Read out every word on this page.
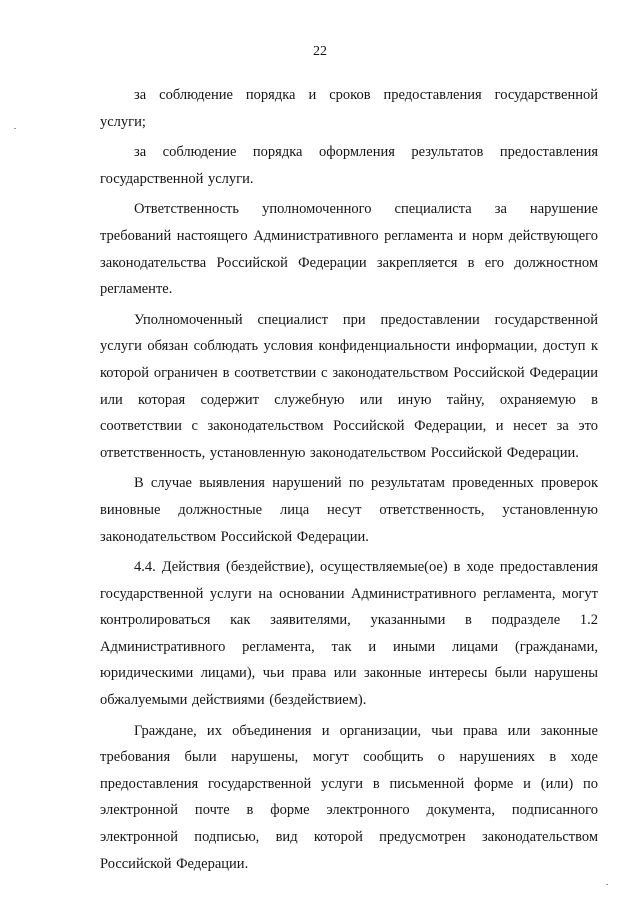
22

за соблюдение порядка и сроков предоставления государственной услуги;

за соблюдение порядка оформления результатов предоставления государственной услуги.

Ответственность уполномоченного специалиста за нарушение требований настоящего Административного регламента и норм действующего законодательства Российской Федерации закрепляется в его должностном регламенте.

Уполномоченный специалист при предоставлении государственной услуги обязан соблюдать условия конфиденциальности информации, доступ к которой ограничен в соответствии с законодательством Российской Федерации или которая содержит служебную или иную тайну, охраняемую в соответствии с законодательством Российской Федерации, и несет за это ответственность, установленную законодательством Российской Федерации.

В случае выявления нарушений по результатам проведенных проверок виновные должностные лица несут ответственность, установленную законодательством Российской Федерации.

4.4. Действия (бездействие), осуществляемые(ое) в ходе предоставления государственной услуги на основании Административного регламента, могут контролироваться как заявителями, указанными в подразделе 1.2 Административного регламента, так и иными лицами (гражданами, юридическими лицами), чьи права или законные интересы были нарушены обжалуемыми действиями (бездействием).

Граждане, их объединения и организации, чьи права или законные требования были нарушены, могут сообщить о нарушениях в ходе предоставления государственной услуги в письменной форме и (или) по электронной почте в форме электронного документа, подписанного электронной подписью, вид которой предусмотрен законодательством Российской Федерации.
